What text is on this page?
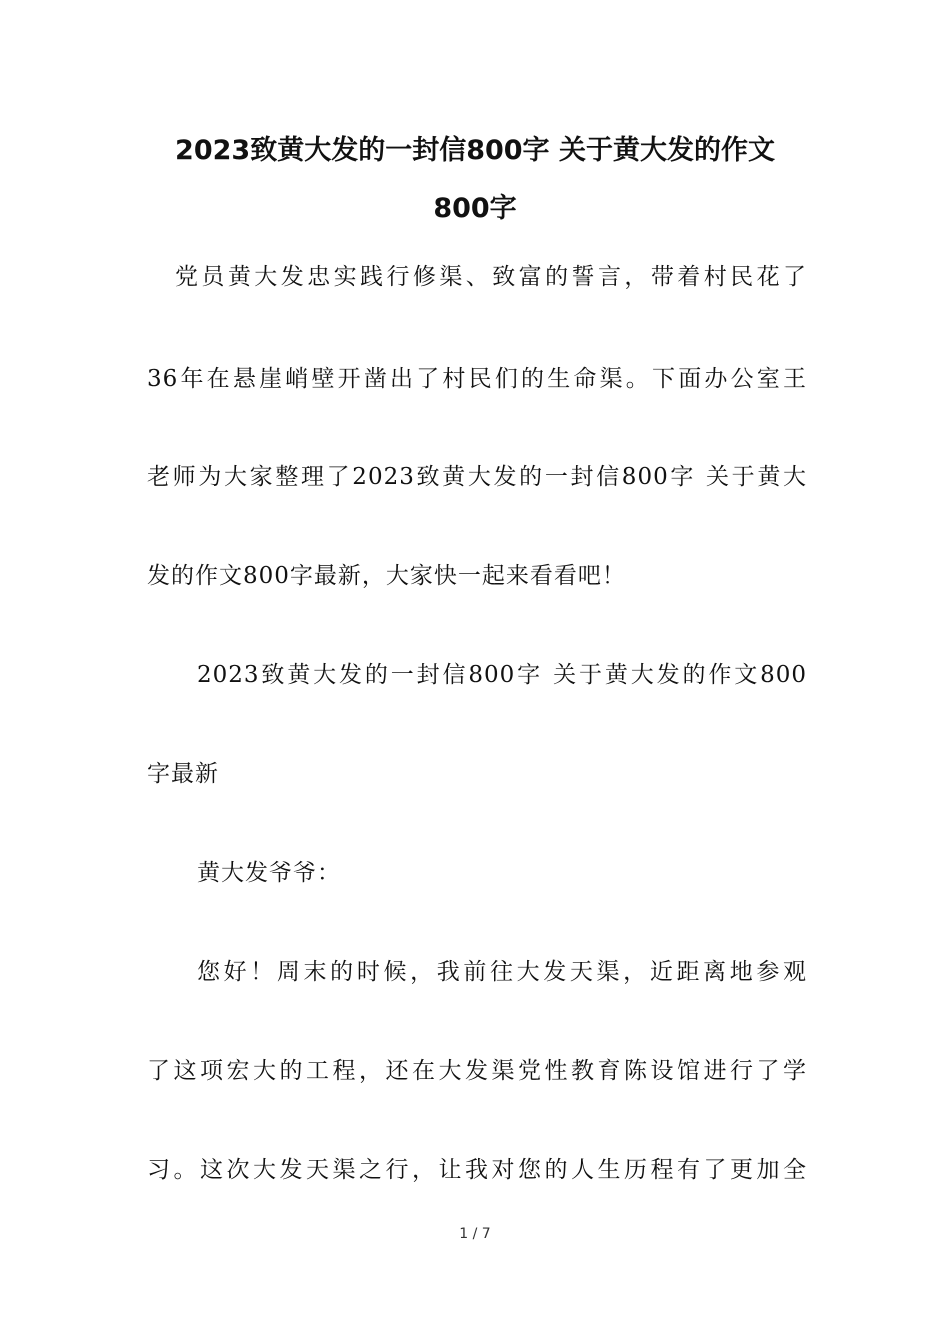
2023致黄大发的一封信800字 关于黄大发的作文
800字
党员黄大发忠实践行修渠、致富的誓言，带着村民花了
36年在悬崖峭壁开凿出了村民们的生命渠。下面办公室王
老师为大家整理了2023致黄大发的一封信800字 关于黄大
发的作文800字最新，大家快一起来看看吧！
2023致黄大发的一封信800字 关于黄大发的作文800
字最新
黄大发爷爷：
您好！周末的时候，我前往大发天渠，近距离地参观
了这项宏大的工程，还在大发渠党性教育陈设馆进行了学
习。这次大发天渠之行，让我对您的人生历程有了更加全
1 / 7
